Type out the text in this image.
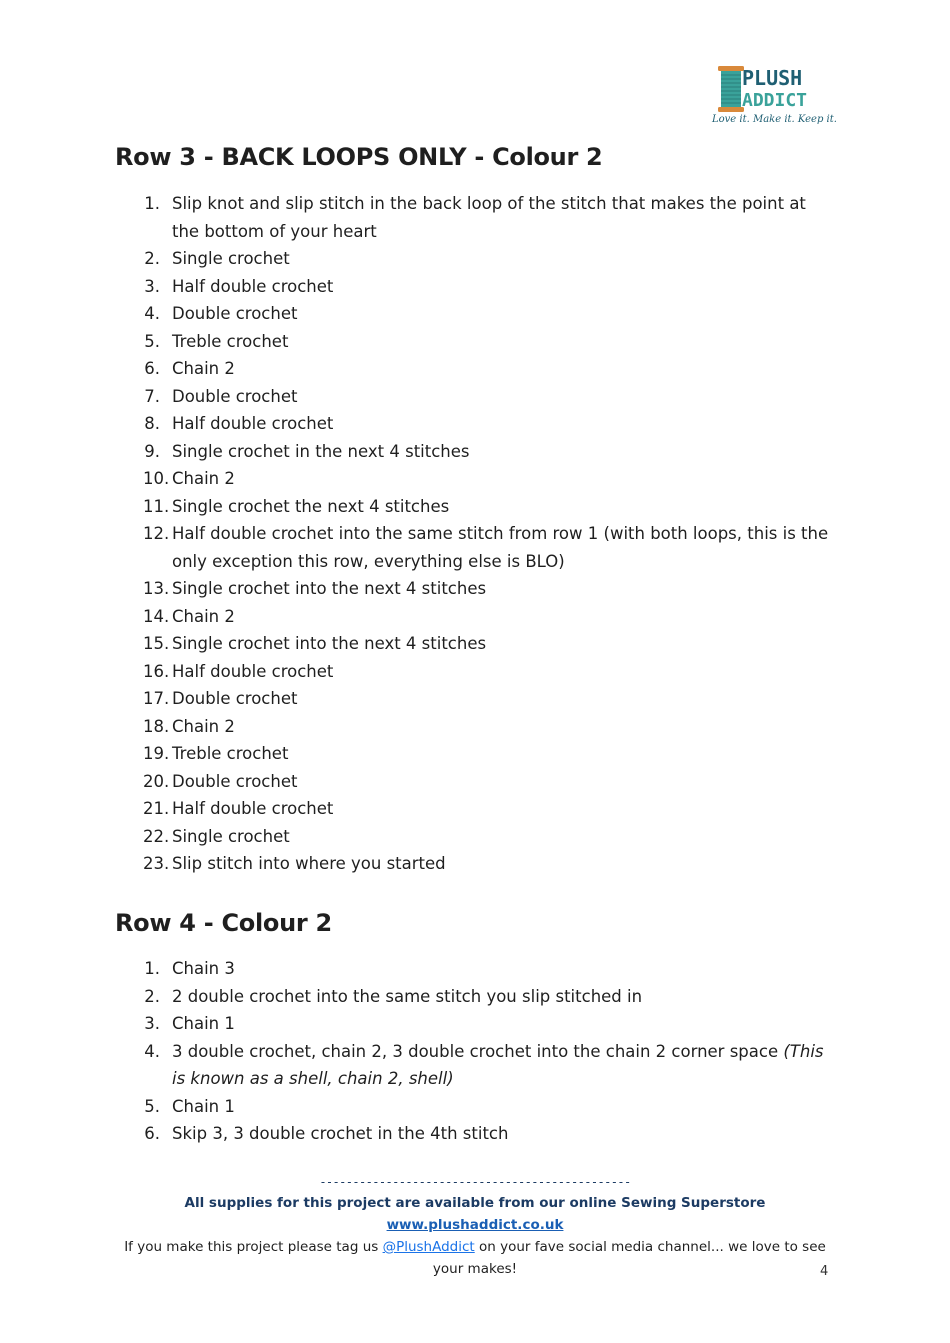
PLUSH
ADDICT
Love it. Make it. Keep it.
Row 3 - BACK LOOPS ONLY - Colour 2
1. Slip knot and slip stitch in the back loop of the stitch that makes the point at the bottom of your heart
2. Single crochet
3. Half double crochet
4. Double crochet
5. Treble crochet
6. Chain 2
7. Double crochet
8. Half double crochet
9. Single crochet in the next 4 stitches
10. Chain 2
11. Single crochet the next 4 stitches
12. Half double crochet into the same stitch from row 1 (with both loops, this is the only exception this row, everything else is BLO)
13. Single crochet into the next 4 stitches
14. Chain 2
15. Single crochet into the next 4 stitches
16. Half double crochet
17. Double crochet
18. Chain 2
19. Treble crochet
20. Double crochet
21. Half double crochet
22. Single crochet
23. Slip stitch into where you started
Row 4 - Colour 2
1. Chain 3
2. 2 double crochet into the same stitch you slip stitched in
3. Chain 1
4. 3 double crochet, chain 2, 3 double crochet into the chain 2 corner space (This is known as a shell, chain 2, shell)
5. Chain 1
6. Skip 3, 3 double crochet in the 4th stitch
-----------------------------------------------
All supplies for this project are available from our online Sewing Superstore www.plushaddict.co.uk
If you make this project please tag us @PlushAddict on your fave social media channel... we love to see your makes!	4
